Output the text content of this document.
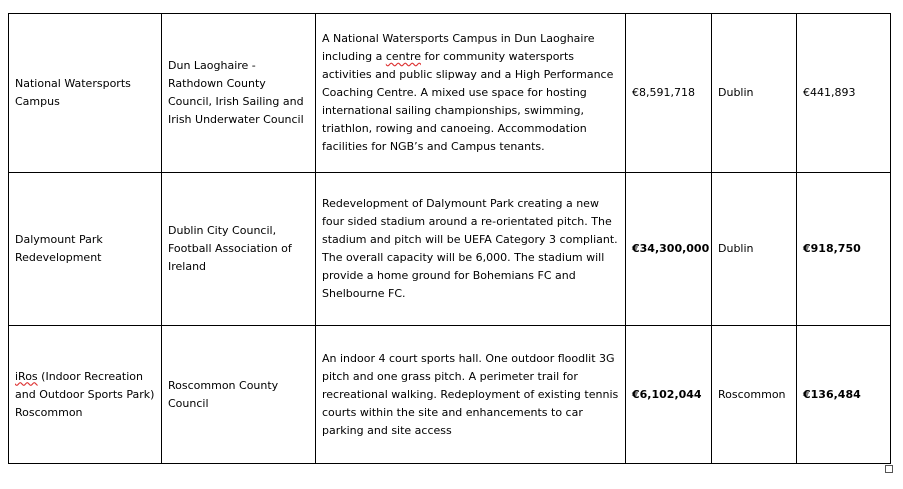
National Watersports Campus	Dun Laoghaire - Rathdown County Council, Irish Sailing and Irish Underwater Council	A National Watersports Campus in Dun Laoghaire including a centre for community watersports activities and public slipway and a High Performance Coaching Centre. A mixed use space for hosting international sailing championships, swimming, triathlon, rowing and canoeing. Accommodation facilities for NGB’s and Campus tenants.	€8,591,718	Dublin	€441,893
Dalymount Park Redevelopment	Dublin City Council, Football Association of Ireland	Redevelopment of Dalymount Park creating a new four sided stadium around a re-orientated pitch. The stadium and pitch will be UEFA Category 3 compliant. The overall capacity will be 6,000. The stadium will provide a home ground for Bohemians FC and Shelbourne FC.	€34,300,000	Dublin	€918,750
iRos (Indoor Recreation and Outdoor Sports Park) Roscommon	Roscommon County Council	An indoor 4 court sports hall. One outdoor floodlit 3G pitch and one grass pitch. A perimeter trail for recreational walking. Redeployment of existing tennis courts within the site and enhancements to car parking and site access	€6,102,044	Roscommon	€136,484
